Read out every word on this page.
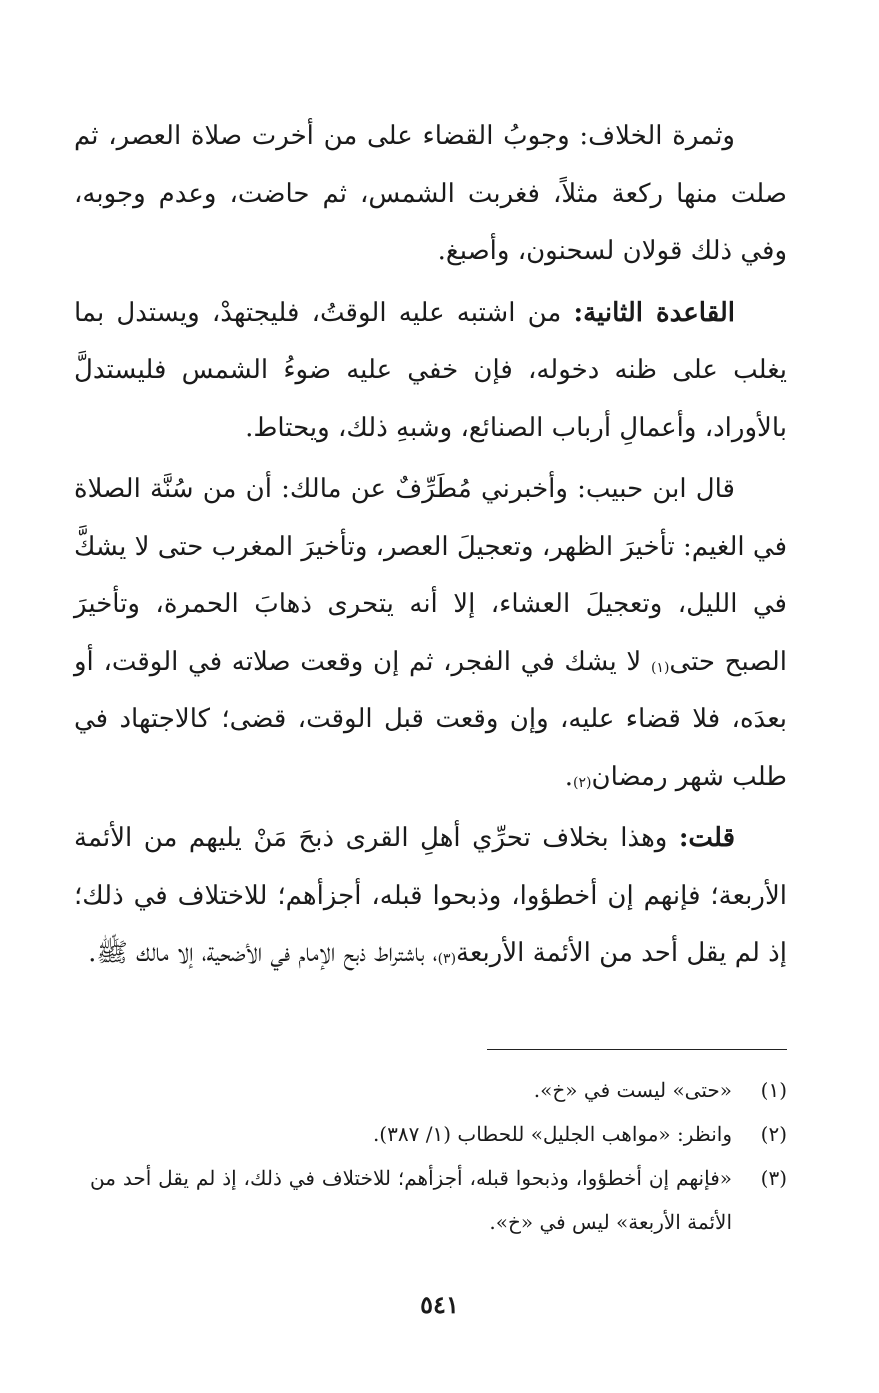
وثمرة الخلاف: وجوبُ القضاء على من أخرت صلاة العصر، ثم صلت منها ركعة مثلاً، فغربت الشمس، ثم حاضت، وعدم وجوبه، وفي ذلك قولان لسحنون، وأصبغ.

القاعدة الثانية: من اشتبه عليه الوقتُ، فليجتهدْ، ويستدل بما يغلب على ظنه دخوله، فإن خفي عليه ضوءُ الشمس فليستدلَّ بالأوراد، وأعمالِ أرباب الصنائع، وشبهِ ذلك، ويحتاط.

قال ابن حبيب: وأخبرني مُطَرِّفٌ عن مالك: أن من سُنَّة الصلاة في الغيم: تأخيرَ الظهر، وتعجيلَ العصر، وتأخيرَ المغرب حتى لا يشكَّ في الليل، وتعجيلَ العشاء، إلا أنه يتحرى ذهابَ الحمرة، وتأخيرَ الصبح حتى$^{(١)}$ لا يشك في الفجر، ثم إن وقعت صلاته في الوقت، أو بعدَه، فلا قضاء عليه، وإن وقعت قبل الوقت، قضى؛ كالاجتهاد في طلب شهر رمضان$^{(٢)}$.

قلت: وهذا بخلاف تحرِّي أهلِ القرى ذبحَ مَنْ يليهم من الأئمة الأربعة؛ فإنهم إن أخطؤوا، وذبحوا قبله، أجزأهم؛ للاختلاف في ذلك؛ إذ لم يقل أحد من الأئمة الأربعة$^{(٣)}$، باشتراط ذبح الإمام في الأضحية، إلا مالك ﷺ.

(١)
«حتى» ليست في «خ».
(٢)
وانظر: «مواهب الجليل» للحطاب (١/ ٣٨٧).
(٣)
«فإنهم إن أخطؤوا، وذبحوا قبله، أجزأهم؛ للاختلاف في ذلك، إذ لم يقل أحد من الأئمة الأربعة» ليس في «خ».
٥٤١
